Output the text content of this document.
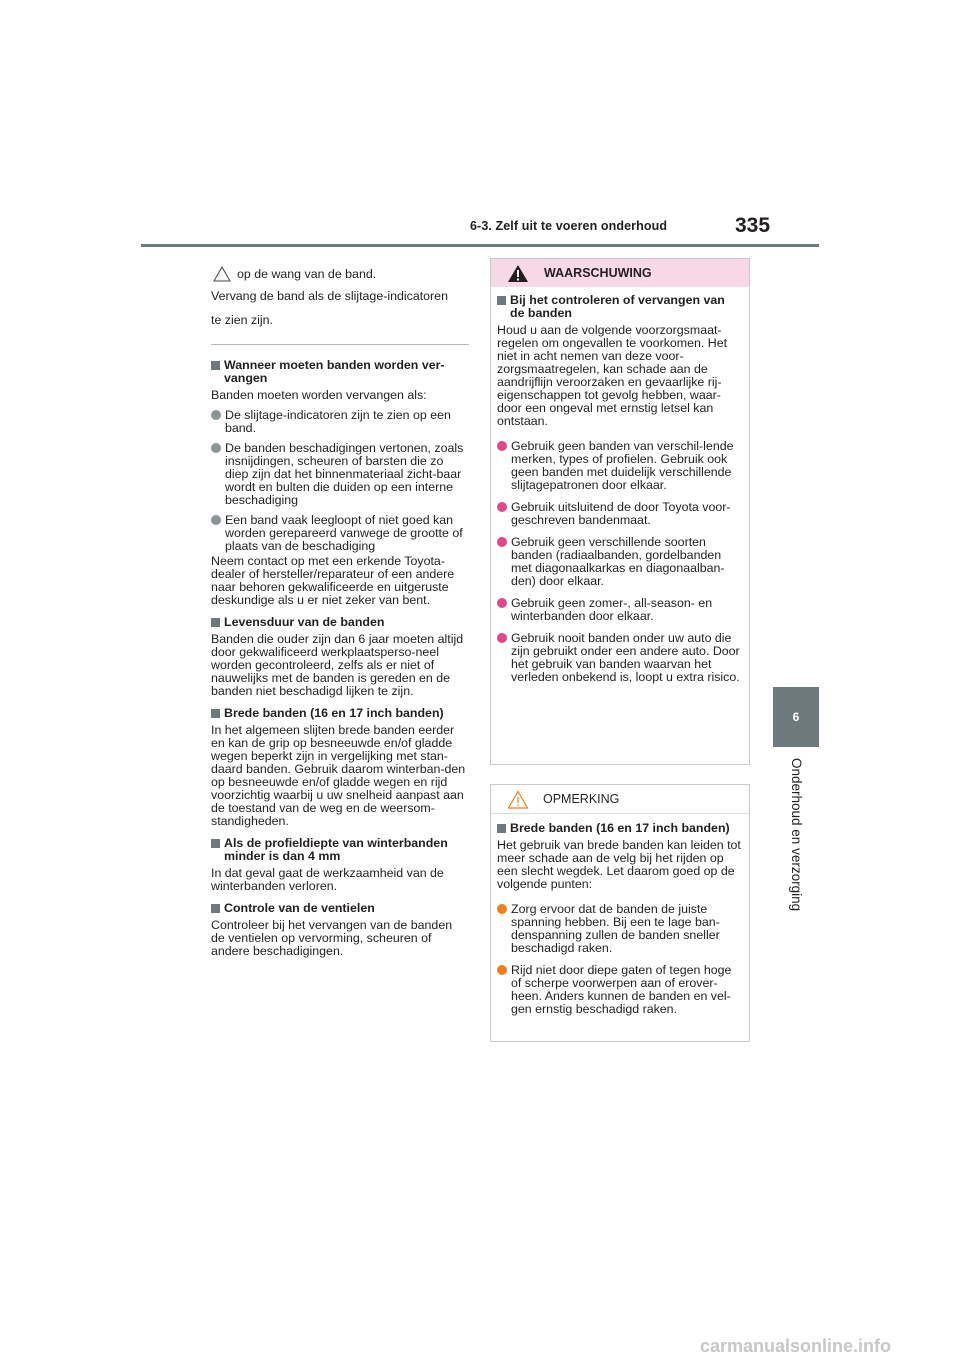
6-3. Zelf uit te voeren onderhoud	335
6
Onderhoud en verzorging
op de wang van de band.

Vervang de band als de slijtage-indicatoren

te zien zijn.

Wanneer moeten banden worden ver-vangen

Banden moeten worden vervangen als:

De slijtage-indicatoren zijn te zien op een band.
De banden beschadigingen vertonen, zoals insnijdingen, scheuren of barsten die zo diep zijn dat het binnenmateriaal zicht-baar wordt en bulten die duiden op een interne beschadiging
Een band vaak leegloopt of niet goed kan worden gerepareerd vanwege de grootte of plaats van de beschadiging

Neem contact op met een erkende Toyota-dealer of hersteller/reparateur of een andere naar behoren gekwalificeerde en uitgeruste deskundige als u er niet zeker van bent.

Levensduur van de banden

Banden die ouder zijn dan 6 jaar moeten altijd door gekwalificeerd werkplaatsperso-neel worden gecontroleerd, zelfs als er niet of nauwelijks met de banden is gereden en de banden niet beschadigd lijken te zijn.

Brede banden (16 en 17 inch banden)

In het algemeen slijten brede banden eerder en kan de grip op besneeuwde en/of gladde wegen beperkt zijn in vergelijking met stan-daard banden. Gebruik daarom winterban-den op besneeuwde en/of gladde wegen en rijd voorzichtig waarbij u uw snelheid aanpast aan de toestand van de weg en de weersom-standigheden.

Als de profieldiepte van winterbanden minder is dan 4 mm

In dat geval gaat de werkzaamheid van de winterbanden verloren.

Controle van de ventielen

Controleer bij het vervangen van de banden de ventielen op vervorming, scheuren of andere beschadigingen.

WAARSCHUWING
Bij het controleren of vervangen van de banden

Houd u aan de volgende voorzorgsmaat-regelen om ongevallen te voorkomen. Het niet in acht nemen van deze voor-zorgsmaatregelen, kan schade aan de aandrijflijn veroorzaken en gevaarlijke rij-eigenschappen tot gevolg hebben, waar-door een ongeval met ernstig letsel kan ontstaan.

Gebruik geen banden van verschil-lende merken, types of profielen. Gebruik ook geen banden met duidelijk verschillende slijtagepatronen door elkaar.
Gebruik uitsluitend de door Toyota voor-geschreven bandenmaat.
Gebruik geen verschillende soorten banden (radiaalbanden, gordelbanden met diagonaalkarkas en diagonaalban-den) door elkaar.
Gebruik geen zomer-, all-season- en winterbanden door elkaar.
Gebruik nooit banden onder uw auto die zijn gebruikt onder een andere auto. Door het gebruik van banden waarvan het verleden onbekend is, loopt u extra risico.
OPMERKING
Brede banden (16 en 17 inch banden)

Het gebruik van brede banden kan leiden tot meer schade aan de velg bij het rijden op een slecht wegdek. Let daarom goed op de volgende punten:

Zorg ervoor dat de banden de juiste spanning hebben. Bij een te lage ban-denspanning zullen de banden sneller beschadigd raken.
Rijd niet door diepe gaten of tegen hoge of scherpe voorwerpen aan of erover-heen. Anders kunnen de banden en vel-gen ernstig beschadigd raken.
carmanualsonline.info
